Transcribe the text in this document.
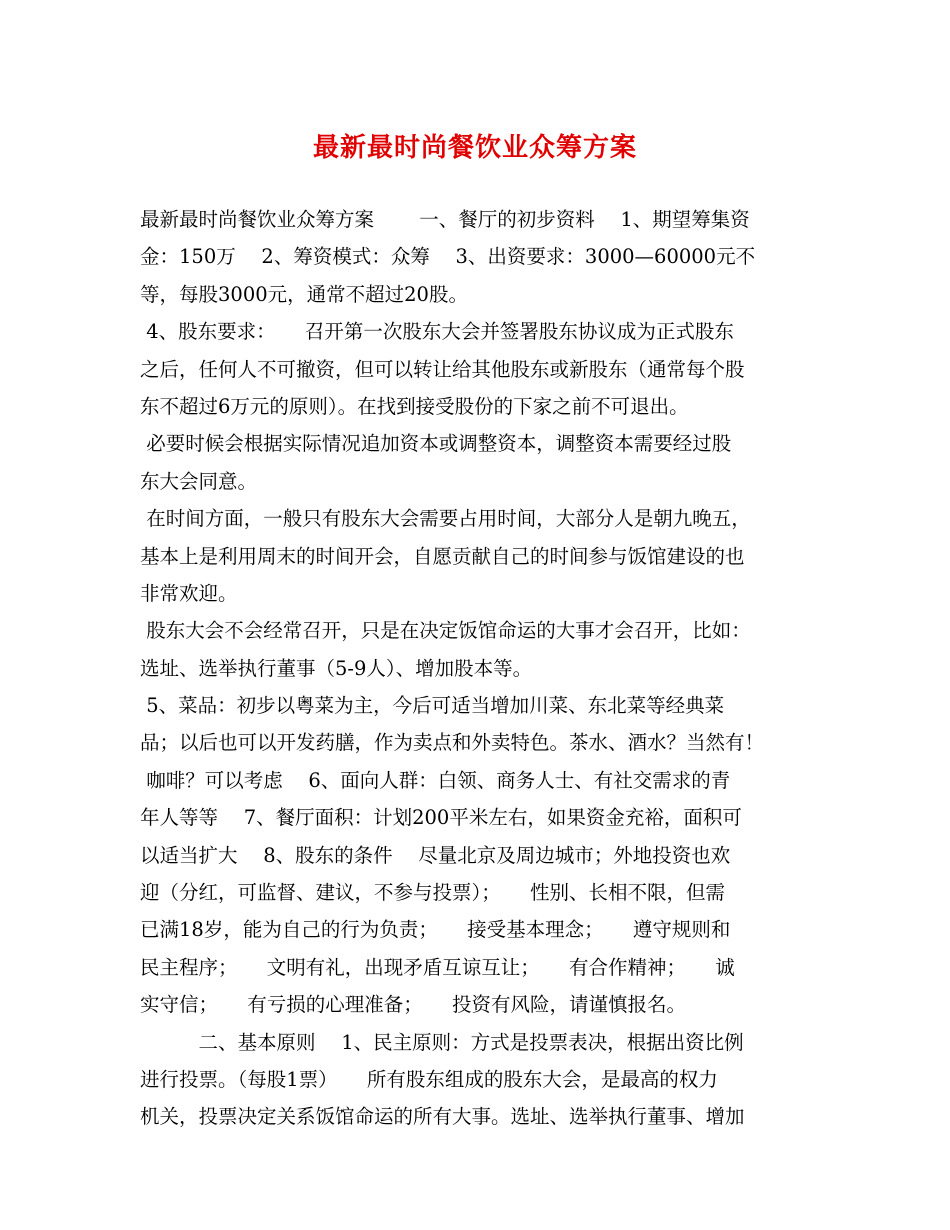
最新最时尚餐饮业众筹方案
最新最时尚餐饮业众筹方案　　 一、餐厅的初步资料　 1、期望筹集资
金：150万　 2、筹资模式：众筹　 3、出资要求：3000—60000元不
等，每股3000元，通常不超过20股。
4、股东要求：　　召开第一次股东大会并签署股东协议成为正式股东
之后，任何人不可撤资，但可以转让给其他股东或新股东（通常每个股
东不超过6万元的原则）。在找到接受股份的下家之前不可退出。
必要时候会根据实际情况追加资本或调整资本，调整资本需要经过股
东大会同意。
在时间方面，一般只有股东大会需要占用时间，大部分人是朝九晚五，
基本上是利用周末的时间开会，自愿贡献自己的时间参与饭馆建设的也
非常欢迎。
股东大会不会经常召开，只是在决定饭馆命运的大事才会召开，比如：
选址、选举执行董事（5-9人）、增加股本等。
5、菜品：初步以粤菜为主，今后可适当增加川菜、东北菜等经典菜
品；以后也可以开发药膳，作为卖点和外卖特色。茶水、酒水？当然有！
咖啡？可以考虑　 6、面向人群：白领、商务人士、有社交需求的青
年人等等　 7、餐厅面积：计划200平米左右，如果资金充裕，面积可
以适当扩大　 8、股东的条件　 尽量北京及周边城市；外地投资也欢
迎（分红，可监督、建议，不参与投票）；　　性别、长相不限，但需
已满18岁，能为自己的行为负责；　　接受基本理念；　　遵守规则和
民主程序；　　文明有礼，出现矛盾互谅互让；　　有合作精神；　　诚
实守信；　　有亏损的心理准备；　　投资有风险，请谨慎报名。
　　　二、基本原则　 1、民主原则：方式是投票表决，根据出资比例
进行投票。（每股1票）　　所有股东组成的股东大会，是最高的权力
机关，投票决定关系饭馆命运的所有大事。选址、选举执行董事、增加
